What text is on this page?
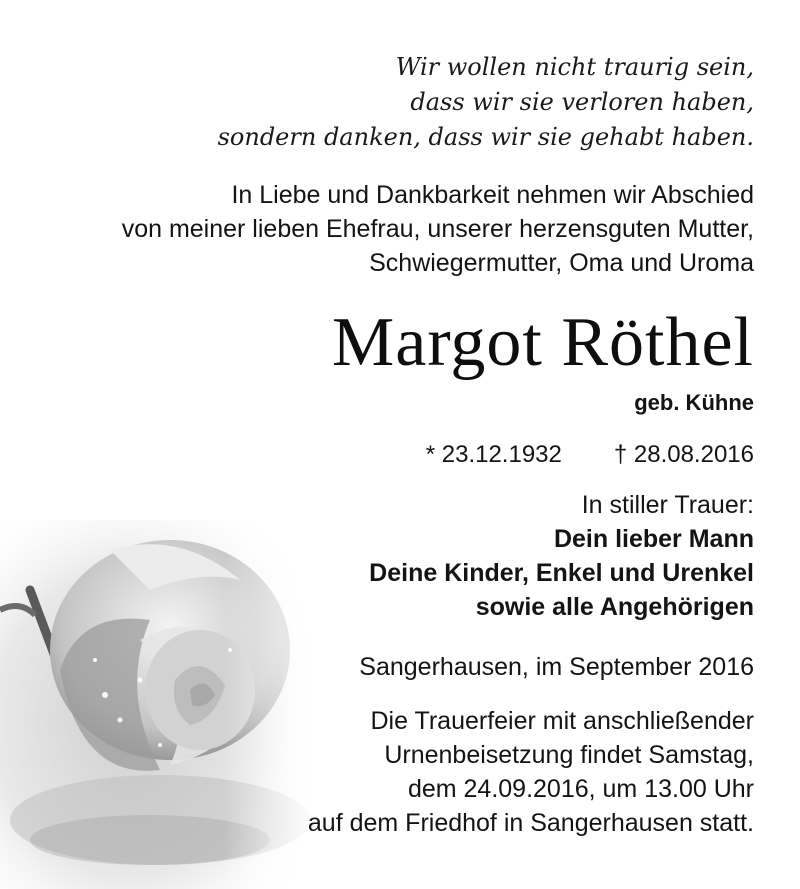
Wir wollen nicht traurig sein,
dass wir sie verloren haben,
sondern danken, dass wir sie gehabt haben.
In Liebe und Dankbarkeit nehmen wir Abschied
von meiner lieben Ehefrau, unserer herzensguten Mutter,
Schwiegermutter, Oma und Uroma
Margot Röthel
geb. Kühne
* 23.12.1932 † 28.08.2016
In stiller Trauer:
Dein lieber Mann
Deine Kinder, Enkel und Urenkel
sowie alle Angehörigen
Sangerhausen, im September 2016
Die Trauerfeier mit anschließender
Urnenbeisetzung findet Samstag,
dem 24.09.2016, um 13.00 Uhr
auf dem Friedhof in Sangerhausen statt.
